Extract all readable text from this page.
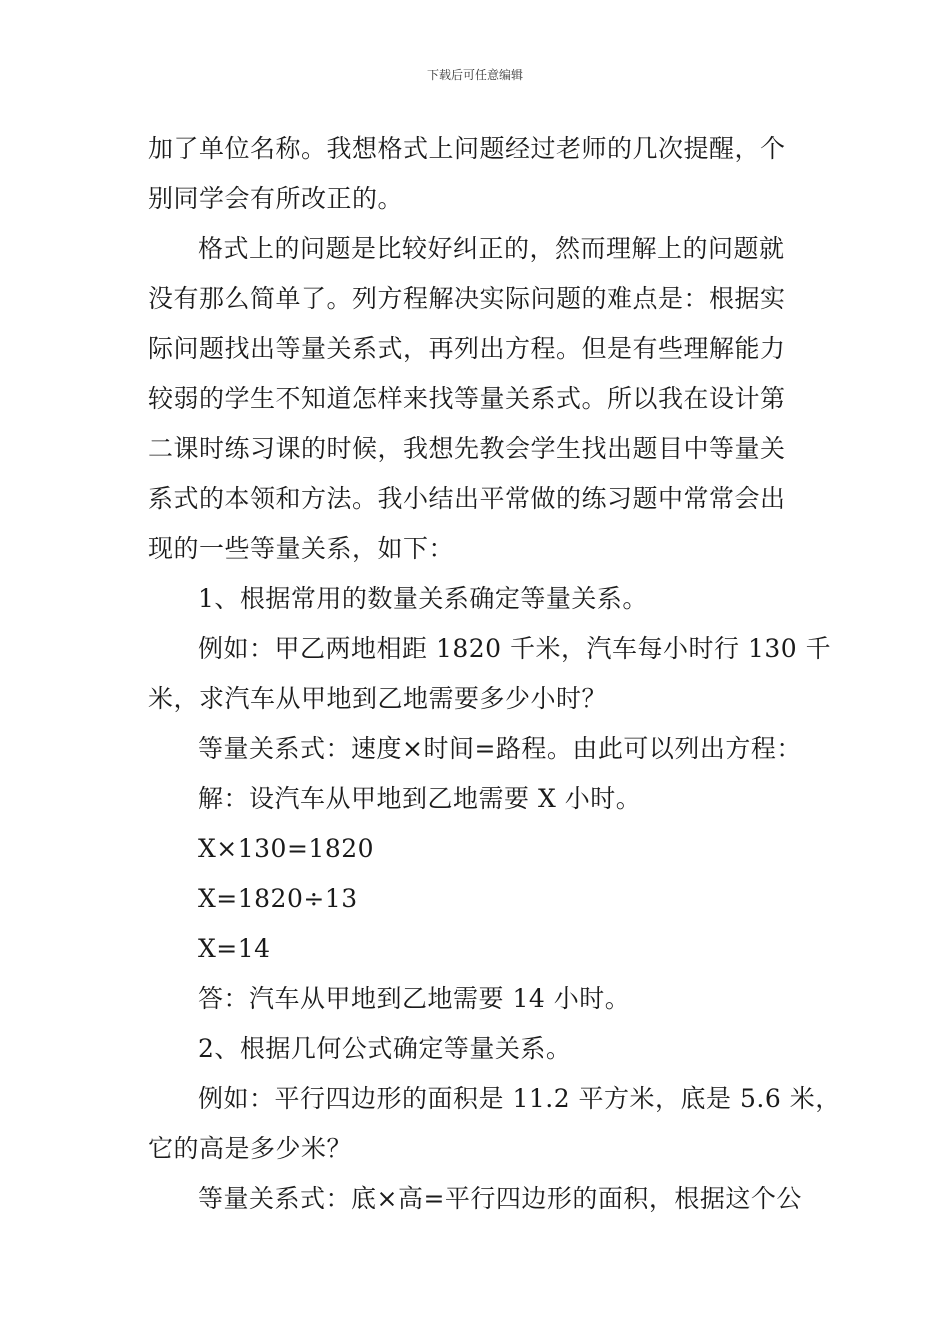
下载后可任意编辑
加了单位名称。我想格式上问题经过老师的几次提醒，个
别同学会有所改正的。
格式上的问题是比较好纠正的，然而理解上的问题就
没有那么简单了。列方程解决实际问题的难点是：根据实
际问题找出等量关系式，再列出方程。但是有些理解能力
较弱的学生不知道怎样来找等量关系式。所以我在设计第
二课时练习课的时候，我想先教会学生找出题目中等量关
系式的本领和方法。我小结出平常做的练习题中常常会出
现的一些等量关系，如下：
1、根据常用的数量关系确定等量关系。
例如：甲乙两地相距 1820 千米，汽车每小时行 130 千
米，求汽车从甲地到乙地需要多少小时？
等量关系式：速度×时间=路程。由此可以列出方程：
解：设汽车从甲地到乙地需要 X 小时。
X×130=1820
X=1820÷13
X=14
答：汽车从甲地到乙地需要 14 小时。
2、根据几何公式确定等量关系。
例如：平行四边形的面积是 11.2 平方米，底是 5.6 米，
它的高是多少米？
等量关系式：底×高=平行四边形的面积，根据这个公
